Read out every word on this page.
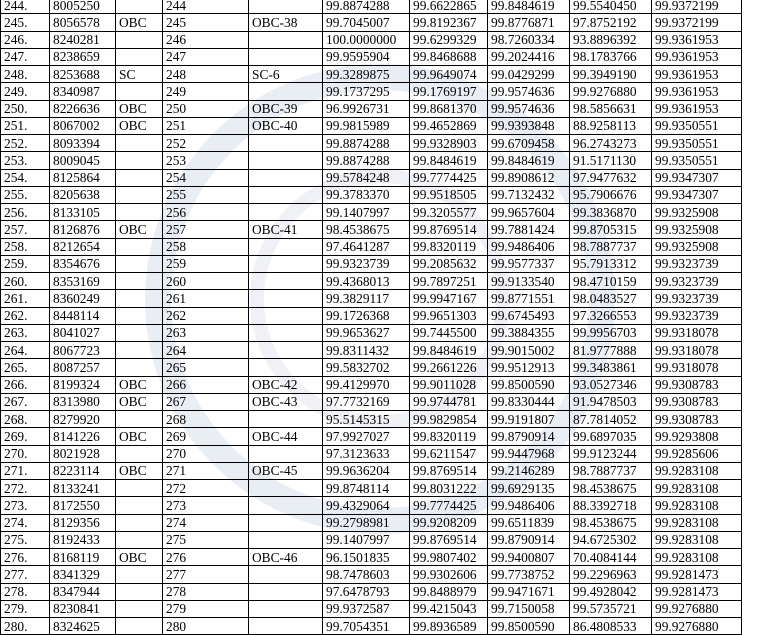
244.	8005250		244		99.8874288	99.6622865	99.8484619	99.5540450	99.9372199
245.	8056578	OBC	245	OBC-38	99.7045007	99.8192367	99.8776871	97.8752192	99.9372199
246.	8240281		246		100.0000000	99.6299329	98.7260334	93.8896392	99.9361953
247.	8238659		247		99.9595904	99.8468688	99.2024416	98.1783766	99.9361953
248.	8253688	SC	248	SC-6	99.3289875	99.9649074	99.0429299	99.3949190	99.9361953
249.	8340987		249		99.1737295	99.1769197	99.9574636	99.9276880	99.9361953
250.	8226636	OBC	250	OBC-39	96.9926731	99.8681370	99.9574636	98.5856631	99.9361953
251.	8067002	OBC	251	OBC-40	99.9815989	99.4652869	99.9393848	88.9258113	99.9350551
252.	8093394		252		99.8874288	99.9328903	99.6709458	96.2743273	99.9350551
253.	8009045		253		99.8874288	99.8484619	99.8484619	91.5171130	99.9350551
254.	8125864		254		99.5784248	99.7774425	99.8908612	97.9477632	99.9347307
255.	8205638		255		99.3783370	99.9518505	99.7132432	95.7906676	99.9347307
256.	8133105		256		99.1407997	99.3205577	99.9657604	99.3836870	99.9325908
257.	8126876	OBC	257	OBC-41	98.4538675	99.8769514	99.7881424	99.8705315	99.9325908
258.	8212654		258		97.4641287	99.8320119	99.9486406	98.7887737	99.9325908
259.	8354676		259		99.9323739	99.2085632	99.9577337	95.7913312	99.9323739
260.	8353169		260		99.4368013	99.7897251	99.9133540	98.4710159	99.9323739
261.	8360249		261		99.3829117	99.9947167	99.8771551	98.0483527	99.9323739
262.	8448114		262		99.1726368	99.9651303	99.6745493	97.3266553	99.9323739
263.	8041027		263		99.9653627	99.7445500	99.3884355	99.9956703	99.9318078
264.	8067723		264		99.8311432	99.8484619	99.9015002	81.9777888	99.9318078
265.	8087257		265		99.5832702	99.2661226	99.9512913	99.3483861	99.9318078
266.	8199324	OBC	266	OBC-42	99.4129970	99.9011028	99.8500590	93.0527346	99.9308783
267.	8313980	OBC	267	OBC-43	97.7732169	99.9744781	99.8330444	91.9478503	99.9308783
268.	8279920		268		95.5145315	99.9829854	99.9191807	87.7814052	99.9308783
269.	8141226	OBC	269	OBC-44	97.9927027	99.8320119	99.8790914	99.6897035	99.9293808
270.	8021928		270		97.3123633	99.6211547	99.9447968	99.9123244	99.9285606
271.	8223114	OBC	271	OBC-45	99.9636204	99.8769514	99.2146289	98.7887737	99.9283108
272.	8133241		272		99.8748114	99.8031222	99.6929135	98.4538675	99.9283108
273.	8172550		273		99.4329064	99.7774425	99.9486406	88.3392718	99.9283108
274.	8129356		274		99.2798981	99.9208209	99.6511839	98.4538675	99.9283108
275.	8192433		275		99.1407997	99.8769514	99.8790914	94.6725302	99.9283108
276.	8168119	OBC	276	OBC-46	96.1501835	99.9807402	99.9400807	70.4084144	99.9283108
277.	8341329		277		98.7478603	99.9302606	99.7738752	99.2296963	99.9281473
278.	8347944		278		97.6478793	99.8488979	99.9471671	99.4928042	99.9281473
279.	8230841		279		99.9372587	99.4215043	99.7150058	99.5735721	99.9276880
280.	8324625		280		99.7054351	99.8936589	99.8500590	86.4808533	99.9276880
